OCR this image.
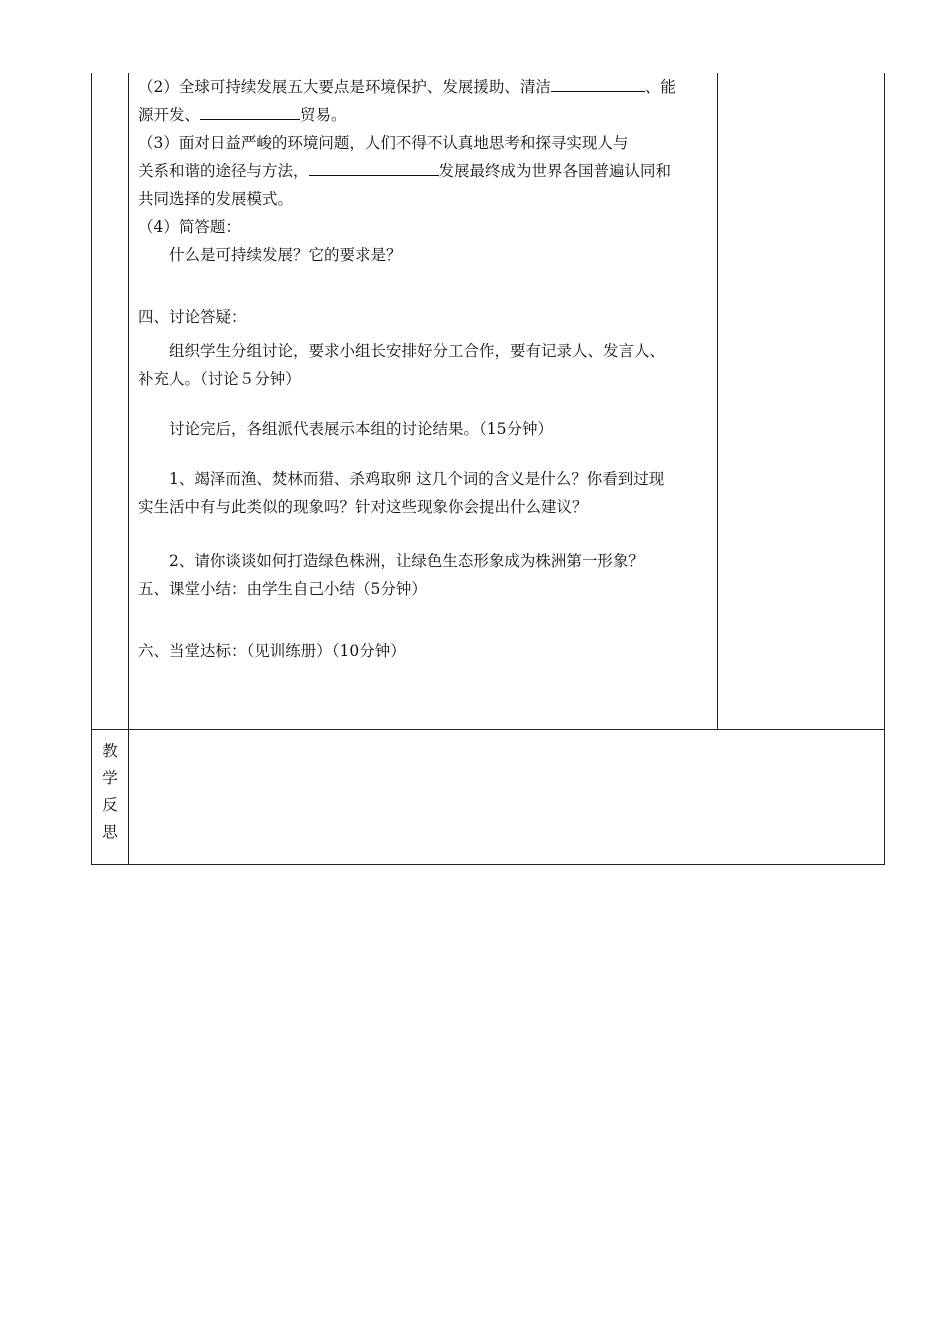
（2）全球可持续发展五大要点是环境保护、发展援助、清洁	、能

源开发、	贸易。

（3）面对日益严峻的环境问题，人们不得不认真地思考和探寻实现人与

关系和谐的途径与方法，	发展最终成为世界各国普遍认同和

共同选择的发展模式。

（4）简答题：

什么是可持续发展？它的要求是？

四、讨论答疑：

组织学生分组讨论，要求小组长安排好分工合作，要有记录人、发言人、

补充人。（讨论５分钟）

讨论完后，各组派代表展示本组的讨论结果。（15分钟）

1、竭泽而渔、焚林而猎、杀鸡取卵 这几个词的含义是什么？你看到过现

实生活中有与此类似的现象吗？针对这些现象你会提出什么建议？

2、请你谈谈如何打造绿色株洲，让绿色生态形象成为株洲第一形象？

五、课堂小结：由学生自己小结（5分钟）

六、当堂达标：（见训练册）（10分钟）

教
学
反
思
